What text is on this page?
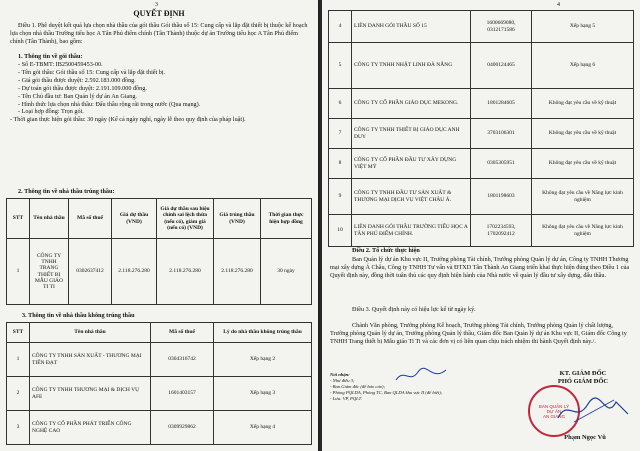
3
QUYẾT ĐỊNH

Điều 1. Phê duyệt kết quả lựa chọn nhà thầu của gói thầu Gói thầu số 15: Cung cấp và lắp đặt thiết bị thuộc kế hoạch lựa chọn nhà thầu Trường tiểu học A Tân Phú điểm chính (Tân Thành) thuộc dự án Trường tiểu học A Tân Phú điểm chính (Tân Thành), bao gồm:

1. Thông tin về gói thầu:

- Số E-TBMT: IB2500459453-00.
- Tên gói thầu: Gói thầu số 15: Cung cấp và lắp đặt thiết bị.
- Giá gói thầu được duyệt: 2.592.183.000 đồng.
- Dự toán gói thầu được duyệt: 2.191.109.000 đồng.
- Tên Chủ đầu tư: Ban Quản lý dự án An Giang.
- Hình thức lựa chọn nhà thầu: Đấu thầu rộng rãi trong nước (Qua mạng).
- Loại hợp đồng: Trọn gói.
- Thời gian thực hiện gói thầu: 30 ngày (Kể cả ngày nghỉ, ngày lễ theo quy định của pháp luật).

2. Thông tin về nhà thầu trúng thầu:

STT	Tên nhà thầu	Mã số thuế	Giá dự thầu (VND)	Giá dự thầu sau hiệu chỉnh sai lệch thừa (nếu có), giảm giá (nếu có) (VND)	Giá trúng thầu (VND)	Thời gian thực hiện hợp đồng
1	CÔNG TY TNHH TRANG THIẾT BỊ MẪU GIÁO TI TI	0302637412	2.118.276.280	2.118.276.280	2.118.276.280	30 ngày

3. Thông tin về nhà thầu không trúng thầu

STT	Tên nhà thầu	Mã số thuế	Lý do nhà thầu không trúng thầu
1	CÔNG TY TNHH SẢN XUẤT - THƯƠNG MẠI TIẾN ĐẠT	0304316742	Xếp hạng 2
2	CÔNG TY TNHH THƯƠNG MẠI & DỊCH VỤ AFE	1601403157	Xếp hạng 3
3	CÔNG TY CỔ PHẦN PHÁT TRIỂN CÔNG NGHỆ CAO	0309929862	Xếp hạng 4
4
4	LIÊN DANH GÓI THẦU SỐ 15	1600669080, 0312171586	Xếp hạng 5
5	CÔNG TY TNHH NHẬT LINH ĐÀ NẴNG	0400124465	Xếp hạng 6
6	CÔNG TY CỔ PHẦN GIÁO DỤC MEKONG.	1801284605	Không đạt yêu cầu về kỹ thuật
7	CÔNG TY TNHH THIẾT BỊ GIÁO DỤC ANH DUY	3703106301	Không đạt yêu cầu về kỹ thuật
8	CÔNG TY CỔ PHẦN ĐẦU TƯ XÂY DỰNG VIỆT MỸ	0305305951	Không đạt yêu cầu về kỹ thuật
9	CÔNG TY TNHH ĐẦU TƯ SẢN XUẤT & THƯƠNG MẠI DỊCH VỤ VIỆT CHÂU Á.	1801198603	Không đạt yêu cầu về Năng lực kinh nghiệm
10	LIÊN DANH GÓI THẦU TRƯỜNG TIỂU HỌC A TÂN PHÚ ĐIỂM CHÍNH.	1702234593, 1702092412	Không đạt yêu cầu về Năng lực kinh nghiệm

Điều 2. Tổ chức thực hiện

Ban Quản lý dự án Khu vực II, Trưởng phòng Tài chính, Trưởng phòng Quản lý dự án, Công ty TNHH Thương mại xây dựng Á Châu, Công ty TNHH Tư vấn và ĐTXD Tân Thành An Giang triển khai thực hiện đúng theo Điều 1 của Quyết định này, đồng thời tuân thủ các quy định hiện hành của Nhà nước về quản lý đầu tư xây dựng, đấu thầu.

Điều 3. Quyết định này có hiệu lực kể từ ngày ký.

Chánh Văn phòng, Trưởng phòng Kế hoạch, Trưởng phòng Tài chính, Trưởng phòng Quản lý chất lượng, Trưởng phòng Quản lý dự án, Trưởng phòng Quản lý thầu, Giám đốc Ban Quản lý dự án Khu vực II, Giám đốc Công ty TNHH Trang thiết bị Mẫu giáo Ti Ti và các đơn vị có liên quan chịu trách nhiệm thi hành Quyết định này./.

Nơi nhận:
- Như điều 3;
- Ban Giám đốc (để báo cáo);
- Phòng PQLDA, Phòng TC, Ban QLDA khu vực II (để biết);
- Lưu: VP, PQLT.
KT. GIÁM ĐỐC
PHÓ GIÁM ĐỐC
BAN QUẢN LÝ
DỰ ÁN
AN GIANG
Phạm Ngọc Vũ
